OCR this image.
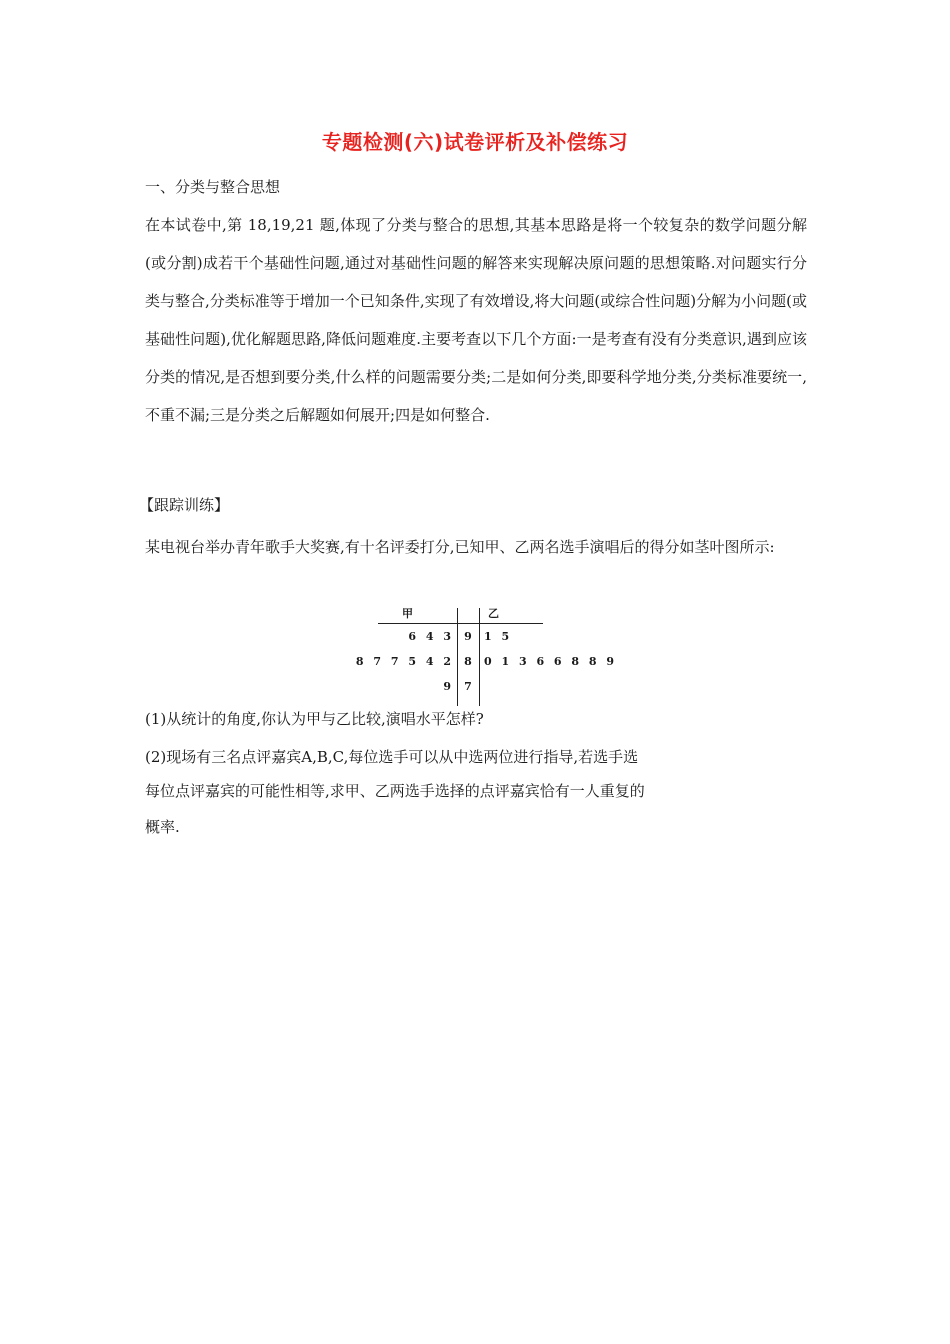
专题检测(六)试卷评析及补偿练习
一、分类与整合思想
在本试卷中,第 18,19,21 题,体现了分类与整合的思想,其基本思路是将一个较复杂的数学问题分解(或分割)成若干个基础性问题,通过对基础性问题的解答来实现解决原问题的思想策略.对问题实行分类与整合,分类标准等于增加一个已知条件,实现了有效增设,将大问题(或综合性问题)分解为小问题(或基础性问题),优化解题思路,降低问题难度.主要考查以下几个方面:一是考查有没有分类意识,遇到应该分类的情况,是否想到要分类,什么样的问题需要分类;二是如何分类,即要科学地分类,分类标准要统一,不重不漏;三是分类之后解题如何展开;四是如何整合.
【跟踪训练】
某电视台举办青年歌手大奖赛,有十名评委打分,已知甲、乙两名选手演唱后的得分如茎叶图所示:
甲	乙
6 4 3 9 1 5
8 7 7 5 4 2 8 0 1 3 6 6 8 8 9
9 7
(1)从统计的角度,你认为甲与乙比较,演唱水平怎样?
(2)现场有三名点评嘉宾A,B,C,每位选手可以从中选两位进行指导,若选手选
每位点评嘉宾的可能性相等,求甲、乙两选手选择的点评嘉宾恰有一人重复的
概率.
